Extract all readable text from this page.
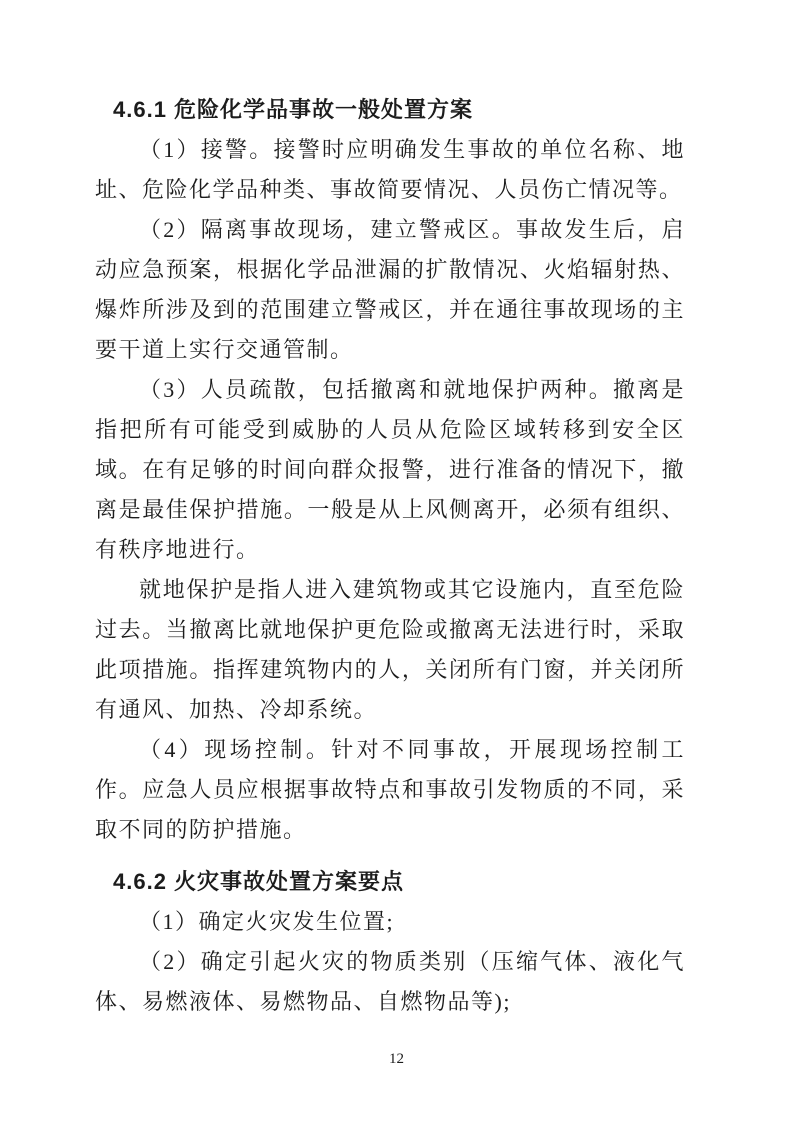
4.6.1 危险化学品事故一般处置方案

（1）接警。接警时应明确发生事故的单位名称、地址、危险化学品种类、事故简要情况、人员伤亡情况等。

（2）隔离事故现场，建立警戒区。事故发生后，启动应急预案，根据化学品泄漏的扩散情况、火焰辐射热、爆炸所涉及到的范围建立警戒区，并在通往事故现场的主要干道上实行交通管制。

（3）人员疏散，包括撤离和就地保护两种。撤离是指把所有可能受到威胁的人员从危险区域转移到安全区域。在有足够的时间向群众报警，进行准备的情况下，撤离是最佳保护措施。一般是从上风侧离开，必须有组织、有秩序地进行。

就地保护是指人进入建筑物或其它设施内，直至危险过去。当撤离比就地保护更危险或撤离无法进行时，采取此项措施。指挥建筑物内的人，关闭所有门窗，并关闭所有通风、加热、冷却系统。

（4）现场控制。针对不同事故，开展现场控制工作。应急人员应根据事故特点和事故引发物质的不同，采取不同的防护措施。

4.6.2 火灾事故处置方案要点

（1）确定火灾发生位置;

（2）确定引起火灾的物质类别（压缩气体、液化气体、易燃液体、易燃物品、自燃物品等);

12
